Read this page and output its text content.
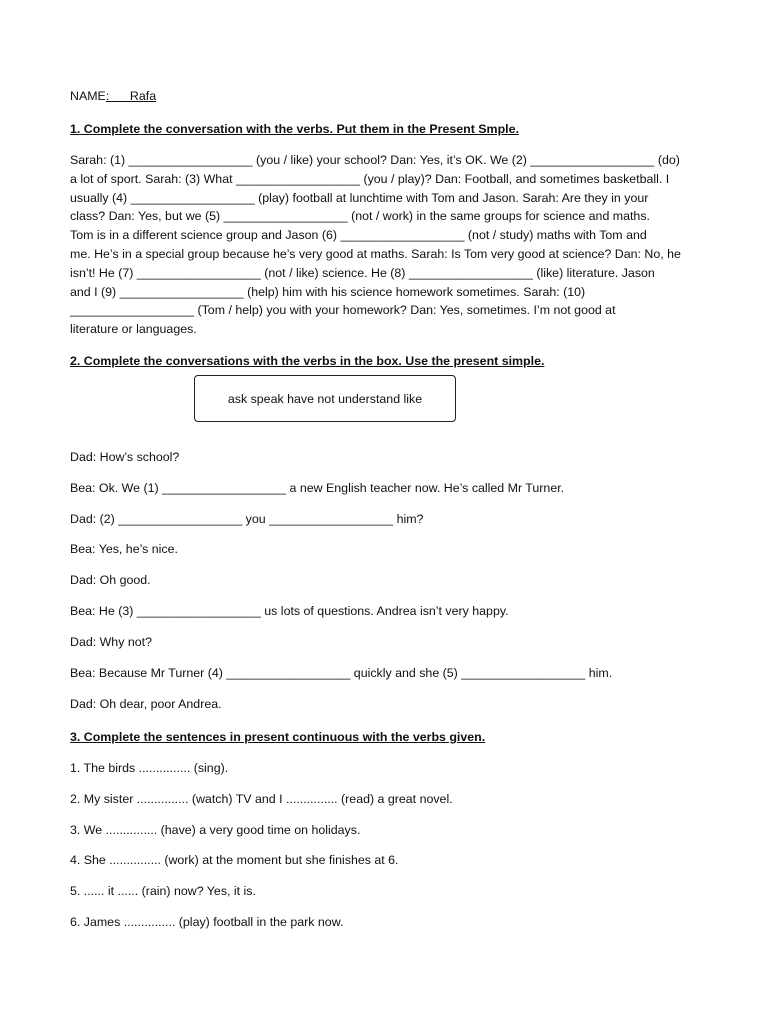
NAME:      Rafa
1. Complete the conversation with the verbs. Put them in the Present Smple.
Sarah: (1) __________________ (you / like) your school? Dan: Yes, it’s OK. We (2) __________________ (do)
a lot of sport. Sarah: (3) What __________________ (you / play)? Dan: Football, and sometimes basketball. I
usually (4) __________________ (play) football at lunchtime with Tom and Jason. Sarah: Are they in your
class? Dan: Yes, but we (5) __________________ (not / work) in the same groups for science and maths.
Tom is in a different science group and Jason (6) __________________ (not / study) maths with Tom and
me. He’s in a special group because he’s very good at maths. Sarah: Is Tom very good at science? Dan: No, he
isn’t! He (7) __________________ (not / like) science. He (8) __________________ (like) literature. Jason
and I (9) __________________ (help) him with his science homework sometimes. Sarah: (10)
__________________ (Tom / help) you with your homework? Dan: Yes, sometimes. I’m not good at
literature or languages.
2. Complete the conversations with the verbs in the box. Use the present simple.
ask speak have not understand like
Dad: How’s school?
Bea: Ok. We (1) __________________ a new English teacher now. He’s called Mr Turner.
Dad: (2) __________________ you __________________ him?
Bea: Yes, he’s nice.
Dad: Oh good.
Bea: He (3) __________________ us lots of questions. Andrea isn’t very happy.
Dad: Why not?
Bea: Because Mr Turner (4) __________________ quickly and she (5) __________________ him.
Dad: Oh dear, poor Andrea.
3. Complete the sentences in present continuous with the verbs given.
1. The birds ............... (sing).
2. My sister ............... (watch) TV and I ............... (read) a great novel.
3. We ............... (have) a very good time on holidays.
4. She ............... (work) at the moment but she finishes at 6.
5. ...... it ...... (rain) now? Yes, it is.
6. James ............... (play) football in the park now.
